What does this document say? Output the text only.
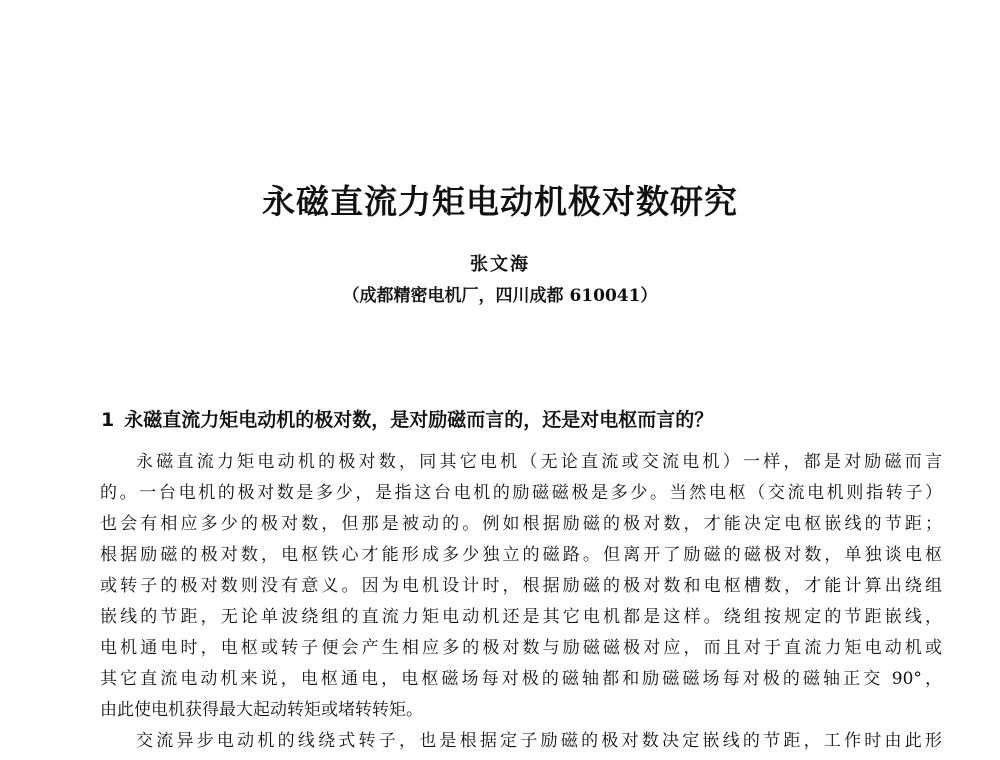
永磁直流力矩电动机极对数研究
张文海
（成都精密电机厂，四川成都 610041）
1 永磁直流力矩电动机的极对数，是对励磁而言的，还是对电枢而言的？
永磁直流力矩电动机的极对数，同其它电机（无论直流或交流电机）一样，都是对励磁而言
的。一台电机的极对数是多少，是指这台电机的励磁磁极是多少。当然电枢（交流电机则指转子）
也会有相应多少的极对数，但那是被动的。例如根据励磁的极对数，才能决定电枢嵌线的节距；
根据励磁的极对数，电枢铁心才能形成多少独立的磁路。但离开了励磁的磁极对数，单独谈电枢
或转子的极对数则没有意义。因为电机设计时，根据励磁的极对数和电枢槽数，才能计算出绕组
嵌线的节距，无论单波绕组的直流力矩电动机还是其它电机都是这样。绕组按规定的节距嵌线，
电机通电时，电枢或转子便会产生相应多的极对数与励磁磁极对应，而且对于直流力矩电动机或
其它直流电动机来说，电枢通电，电枢磁场每对极的磁轴都和励磁磁场每对极的磁轴正交 90°，
由此使电机获得最大起动转矩或堵转转矩。
交流异步电动机的线绕式转子，也是根据定子励磁的极对数决定嵌线的节距，工作时由此形
